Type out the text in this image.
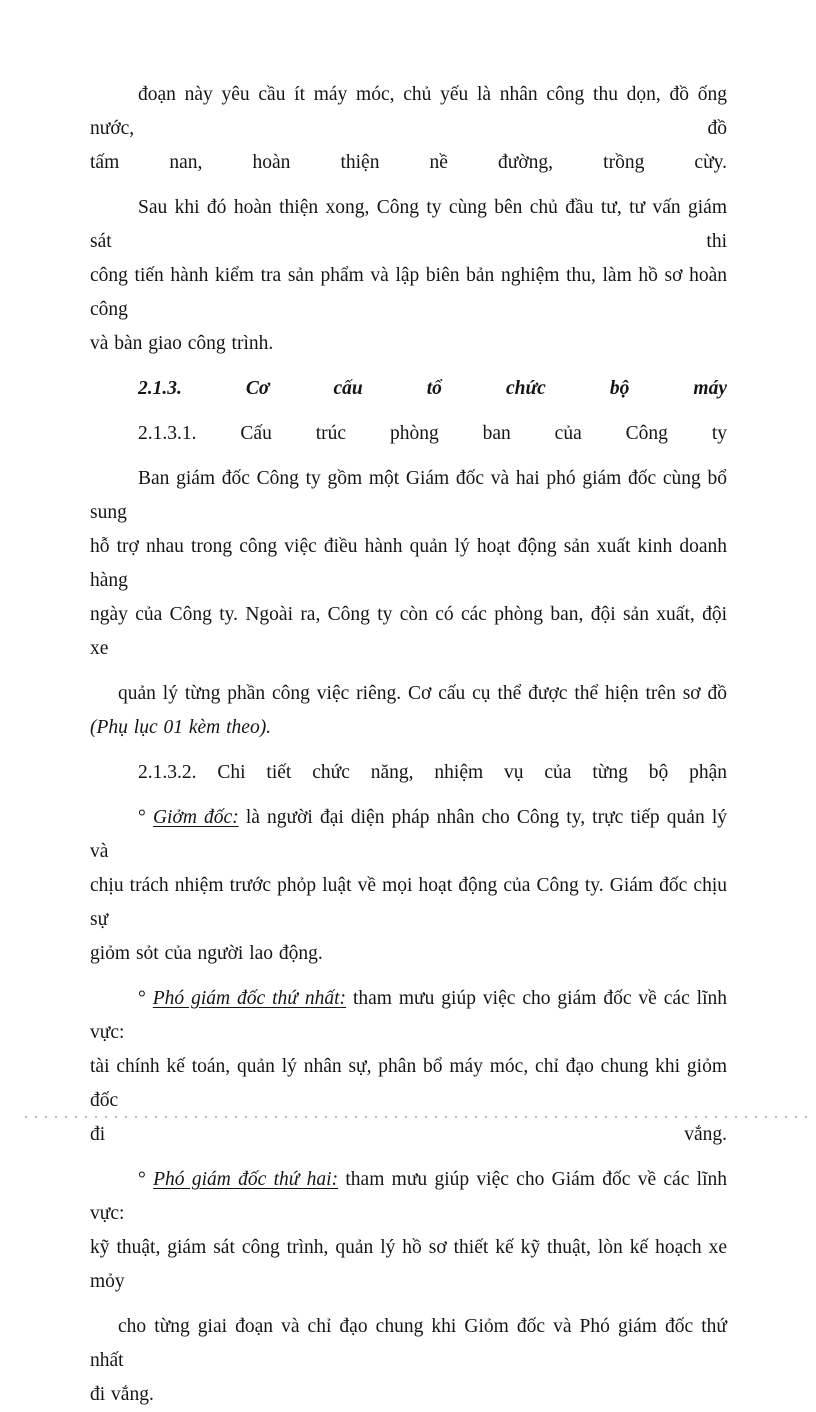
đoạn này yêu cầu ít máy móc, chủ yếu là nhân công thu dọn, đồ ống nước, đồ
tấm nan, hoàn thiện nề đường, trồng cừy.
Sau khi đó hoàn thiện xong, Công ty cùng bên chủ đầu tư, tư vấn giám sát thi
công tiến hành kiểm tra sản phẩm và lập biên bản nghiệm thu, làm hồ sơ hoàn công
và bàn giao công trình.
2.1.3. Cơ cấu tổ chức bộ máy
2.1.3.1. Cấu trúc phòng ban của Công ty
Ban giám đốc Công ty gồm một Giám đốc và hai phó giám đốc cùng bổ sung
hỗ trợ nhau trong công việc điều hành quản lý hoạt động sản xuất kinh doanh hàng
ngày của Công ty. Ngoài ra, Công ty còn có các phòng ban, đội sản xuất, đội xe
quản lý từng phần công việc riêng. Cơ cấu cụ thể được thể hiện trên sơ đồ
(Phụ lục 01 kèm theo).
2.1.3.2. Chi tiết chức năng, nhiệm vụ của từng bộ phận
° Giởm đốc: là người đại diện pháp nhân cho Công ty, trực tiếp quản lý và
chịu trách nhiệm trước phỏp luật về mọi hoạt động của Công ty. Giám đốc chịu sự
giỏm sỏt của người lao động.
° Phó giám đốc thứ nhất: tham mưu giúp việc cho giám đốc về các lĩnh vực:
tài chính kế toán, quản lý nhân sự, phân bổ máy móc, chỉ đạo chung khi giỏm đốc
đi vắng.
° Phó giám đốc thứ hai: tham mưu giúp việc cho Giám đốc về các lĩnh vực:
kỹ thuật, giám sát công trình, quản lý hồ sơ thiết kế kỹ thuật, lòn kế hoạch xe mỏy
cho từng giai đoạn và chỉ đạo chung khi Giỏm đốc và Phó giám đốc thứ nhất
đi vắng.
